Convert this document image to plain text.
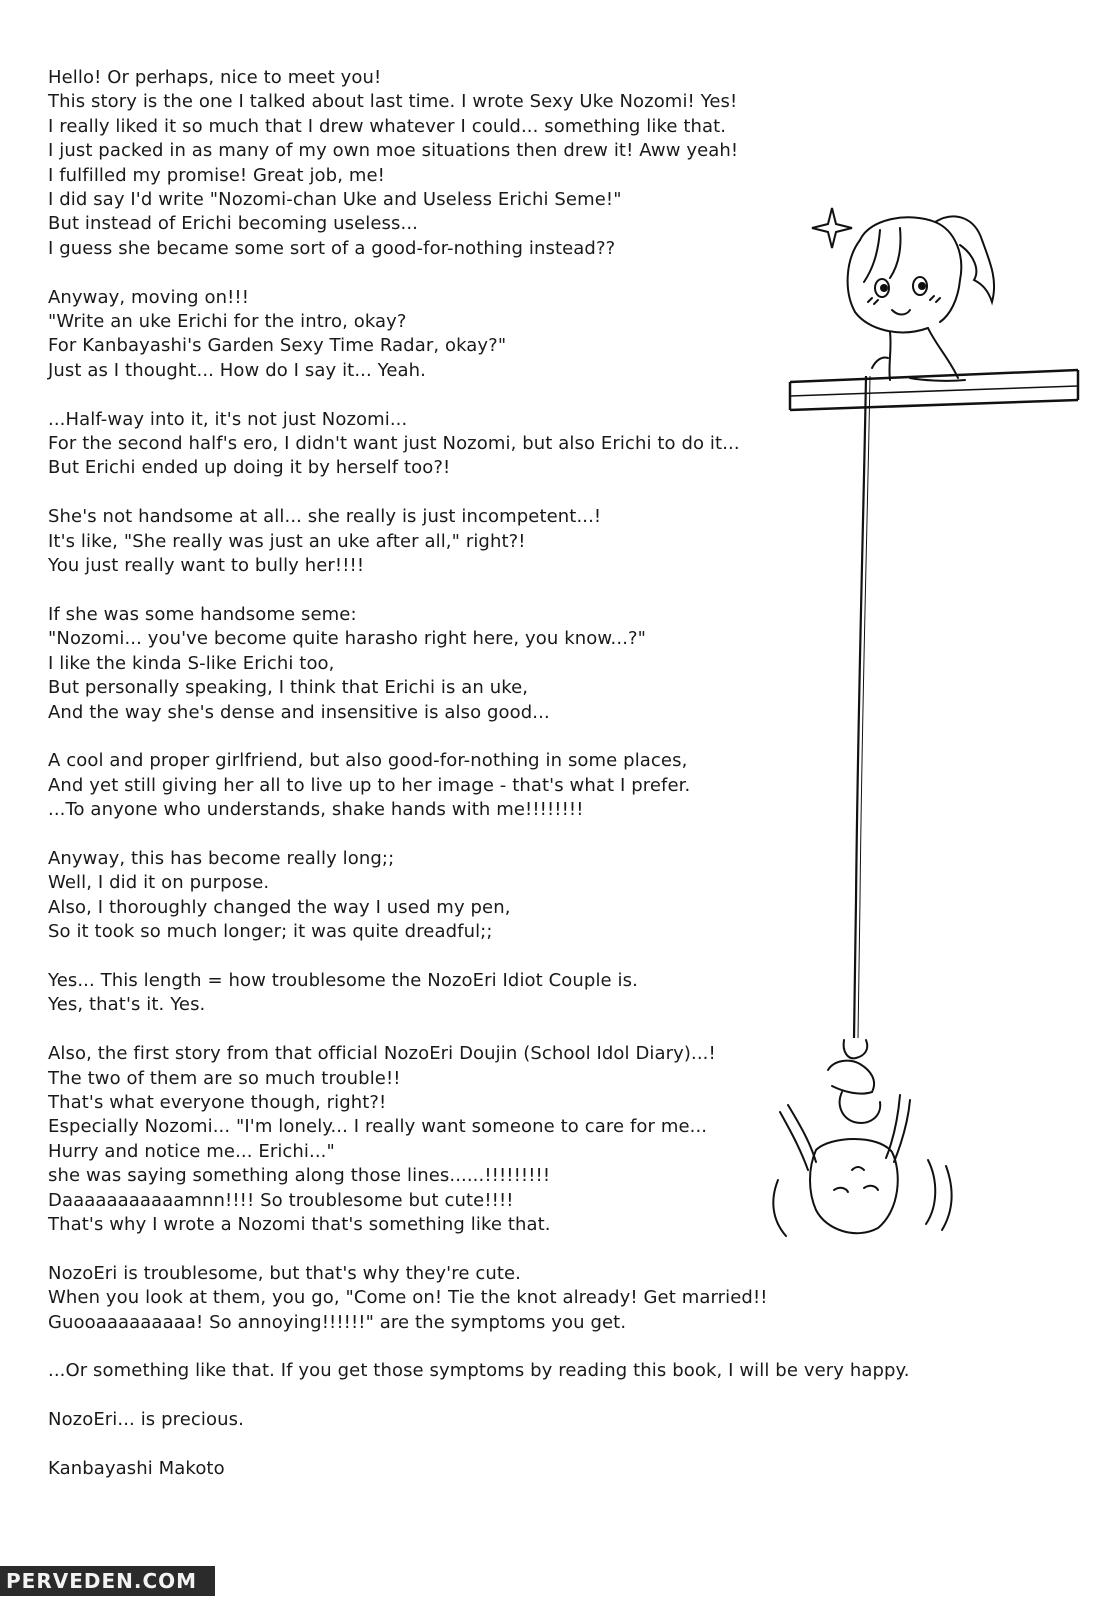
Hello! Or perhaps, nice to meet you!
This story is the one I talked about last time. I wrote Sexy Uke Nozomi! Yes!
I really liked it so much that I drew whatever I could... something like that.
I just packed in as many of my own moe situations then drew it! Aww yeah!
I fulfilled my promise! Great job, me!
I did say I'd write "Nozomi-chan Uke and Useless Erichi Seme!"
But instead of Erichi becoming useless...
I guess she became some sort of a good-for-nothing instead??

Anyway, moving on!!!
"Write an uke Erichi for the intro, okay?
For Kanbayashi's Garden Sexy Time Radar, okay?"
Just as I thought... How do I say it... Yeah.

...Half-way into it, it's not just Nozomi...
For the second half's ero, I didn't want just Nozomi, but also Erichi to do it...
But Erichi ended up doing it by herself too?!

She's not handsome at all... she really is just incompetent...!
It's like, "She really was just an uke after all," right?!
You just really want to bully her!!!!

If she was some handsome seme:
"Nozomi... you've become quite harasho right here, you know...?"
I like the kinda S-like Erichi too,
But personally speaking, I think that Erichi is an uke,
And the way she's dense and insensitive is also good...

A cool and proper girlfriend, but also good-for-nothing in some places,
And yet still giving her all to live up to her image - that's what I prefer.
...To anyone who understands, shake hands with me!!!!!!!!

Anyway, this has become really long;;
Well, I did it on purpose.
Also, I thoroughly changed the way I used my pen,
So it took so much longer; it was quite dreadful;;

Yes... This length = how troublesome the NozoEri Idiot Couple is.
Yes, that's it. Yes.

Also, the first story from that official NozoEri Doujin (School Idol Diary)...!
The two of them are so much trouble!!
That's what everyone though, right?!
Especially Nozomi... "I'm lonely... I really want someone to care for me...
Hurry and notice me... Erichi..."
she was saying something along those lines......!!!!!!!!!
Daaaaaaaaaaamnn!!!! So troublesome but cute!!!!
That's why I wrote a Nozomi that's something like that.

NozoEri is troublesome, but that's why they're cute.
When you look at them, you go, "Come on! Tie the knot already! Get married!!
Guooaaaaaaaaa! So annoying!!!!!!" are the symptoms you get.

...Or something like that. If you get those symptoms by reading this book, I will be very happy.

NozoEri... is precious.

Kanbayashi Makoto

PERVEDEN.COM
